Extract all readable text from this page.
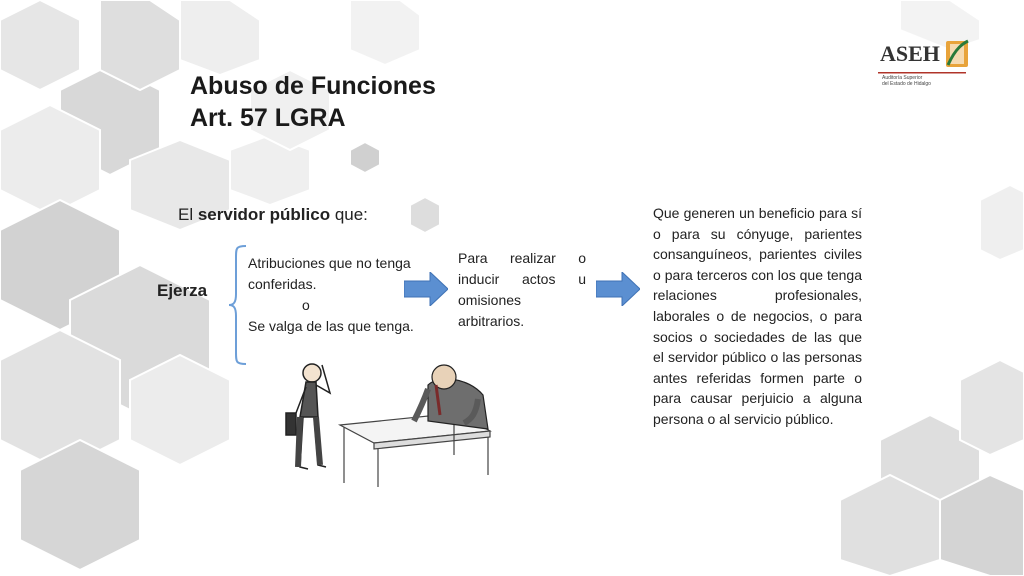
Abuso de Funciones
Art. 57 LGRA
El servidor público que:
Ejerza
Atribuciones que no tenga conferidas.
o
Se valga de las que tenga.
Para realizar o inducir actos u omisiones arbitrarios.
Que generen un beneficio para sí o para su cónyuge, parientes consanguíneos, parientes civiles o para terceros con los que tenga relaciones profesionales, laborales o de negocios, o para socios o sociedades de las que el servidor público o las personas antes referidas formen parte o para causar perjuicio a alguna persona o al servicio público.
ASEH
Auditoría Superior
del Estado de Hidalgo
